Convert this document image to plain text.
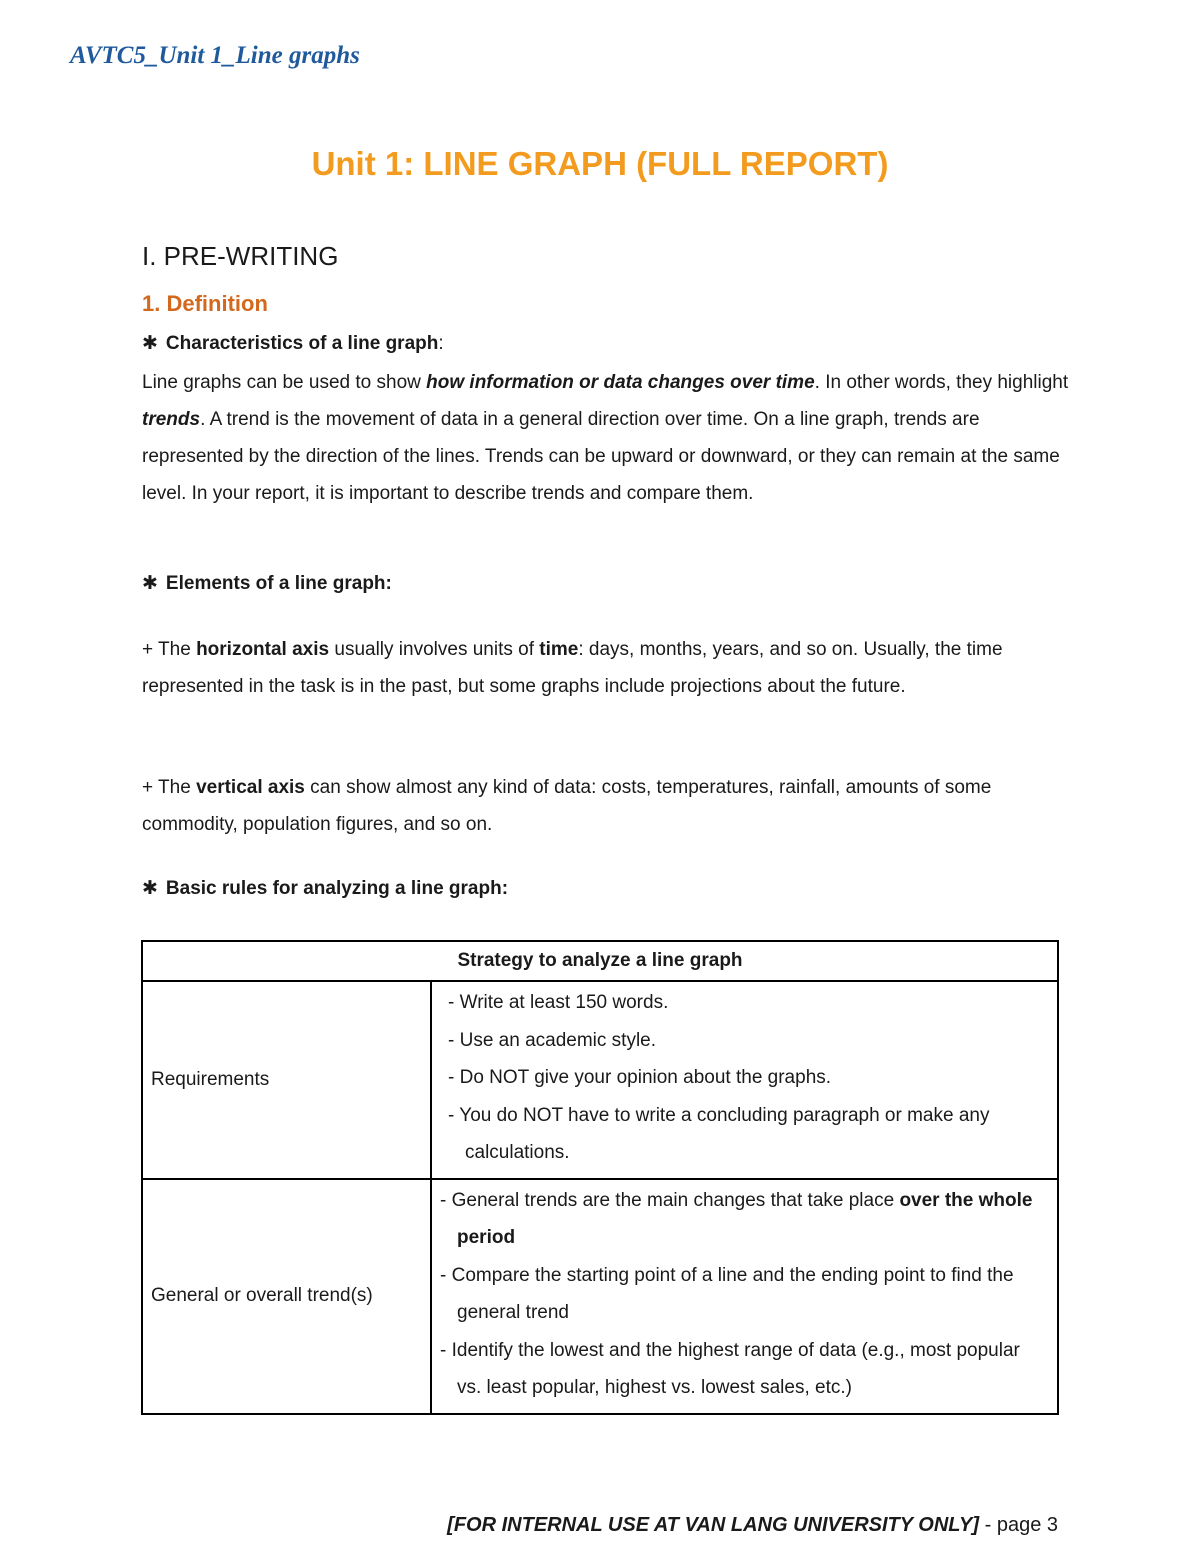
AVTC5_Unit 1_Line graphs
Unit 1: LINE GRAPH (FULL REPORT)
I. PRE-WRITING
1. Definition
✱ Characteristics of a line graph:
Line graphs can be used to show how information or data changes over time. In other words, they highlight trends. A trend is the movement of data in a general direction over time. On a line graph, trends are represented by the direction of the lines. Trends can be upward or downward, or they can remain at the same level. In your report, it is important to describe trends and compare them.
✱ Elements of a line graph:
+ The horizontal axis usually involves units of time: days, months, years, and so on. Usually, the time represented in the task is in the past, but some graphs include projections about the future.
+ The vertical axis can show almost any kind of data: costs, temperatures, rainfall, amounts of some commodity, population figures, and so on.
✱ Basic rules for analyzing a line graph:
Strategy to analyze a line graph	
Requirements	- Write at least 150 words.
- Use an academic style.
- Do NOT give your opinion about the graphs.
- You do NOT have to write a concluding paragraph or make any calculations.

General or overall trend(s)	- General trends are the main changes that take place over the whole period
- Compare the starting point of a line and the ending point to find the general trend
- Identify the lowest and the highest range of data (e.g., most popular vs. least popular, highest vs. lowest sales, etc.)
[FOR INTERNAL USE AT VAN LANG UNIVERSITY ONLY] - page 3
